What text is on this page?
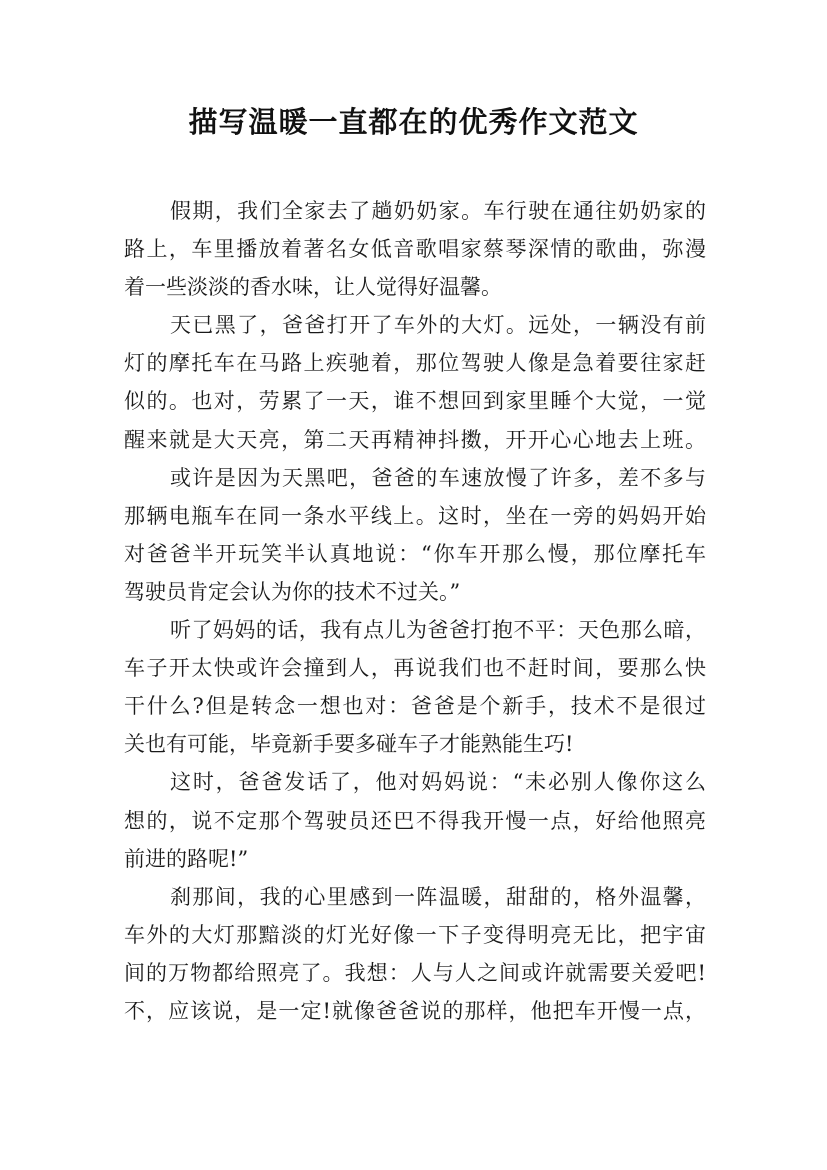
描写温暖一直都在的优秀作文范文
假期，我们全家去了趟奶奶家。车行驶在通往奶奶家的
路上，车里播放着著名女低音歌唱家蔡琴深情的歌曲，弥漫
着一些淡淡的香水味，让人觉得好温馨。
天已黑了，爸爸打开了车外的大灯。远处，一辆没有前
灯的摩托车在马路上疾驰着，那位驾驶人像是急着要往家赶
似的。也对，劳累了一天，谁不想回到家里睡个大觉，一觉
醒来就是大天亮，第二天再精神抖擞，开开心心地去上班。
或许是因为天黑吧，爸爸的车速放慢了许多，差不多与
那辆电瓶车在同一条水平线上。这时，坐在一旁的妈妈开始
对爸爸半开玩笑半认真地说：“你车开那么慢，那位摩托车
驾驶员肯定会认为你的技术不过关。”
听了妈妈的话，我有点儿为爸爸打抱不平：天色那么暗，
车子开太快或许会撞到人，再说我们也不赶时间，要那么快
干什么?但是转念一想也对：爸爸是个新手，技术不是很过
关也有可能，毕竟新手要多碰车子才能熟能生巧!
这时，爸爸发话了，他对妈妈说：“未必别人像你这么
想的，说不定那个驾驶员还巴不得我开慢一点，好给他照亮
前进的路呢!”
刹那间，我的心里感到一阵温暖，甜甜的，格外温馨，
车外的大灯那黯淡的灯光好像一下子变得明亮无比，把宇宙
间的万物都给照亮了。我想：人与人之间或许就需要关爱吧!
不，应该说，是一定!就像爸爸说的那样，他把车开慢一点，
